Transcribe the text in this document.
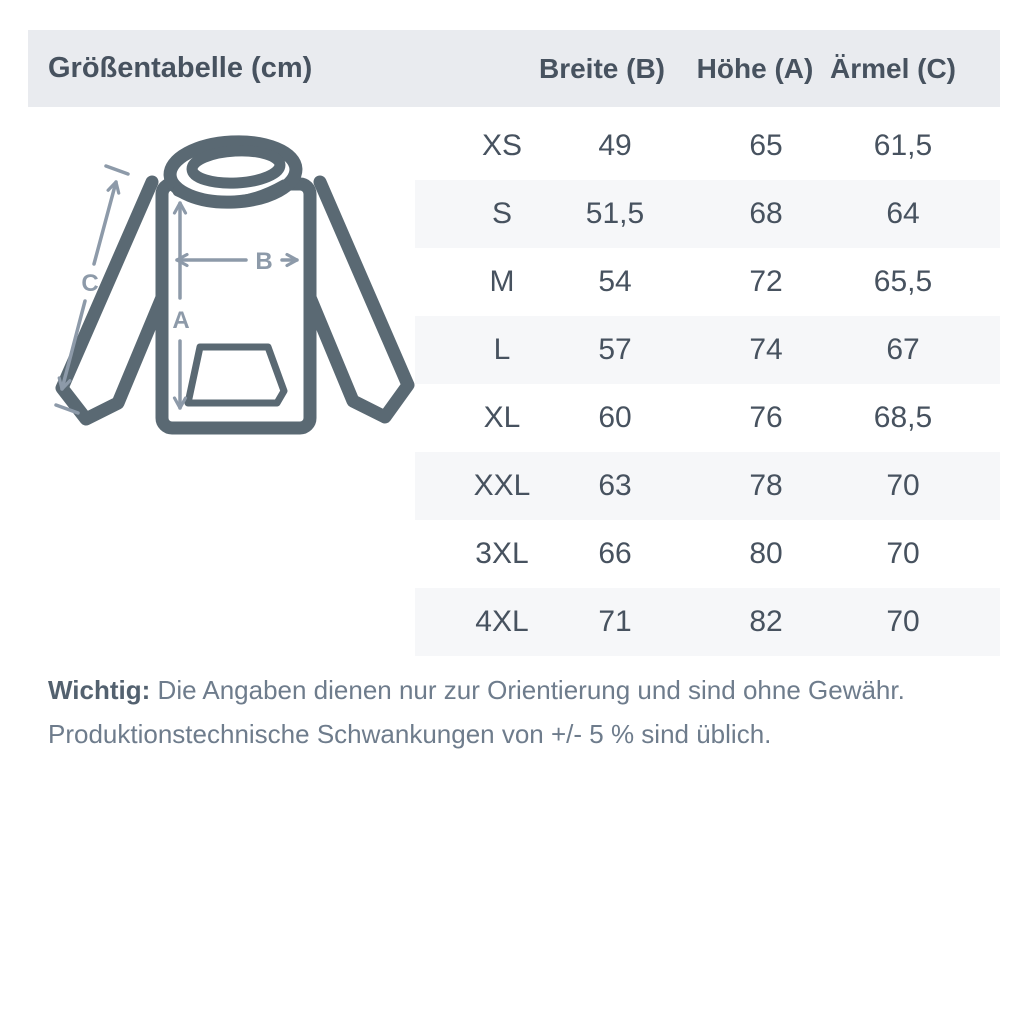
Größentabelle (cm)	Breite (B) Höhe (A) Ärmel (C)
A
B
C
XS	49	65	61,5
S 51,5	68	64
M	54	72	65,5
L	57	74	67
XL	60	76	68,5
XXL 63	78	70
3XL 66	80	70
4XL 71	82	70
Wichtig: Die Angaben dienen nur zur Orientierung und sind ohne Gewähr.
Produktionstechnische Schwankungen von +/- 5 % sind üblich.
